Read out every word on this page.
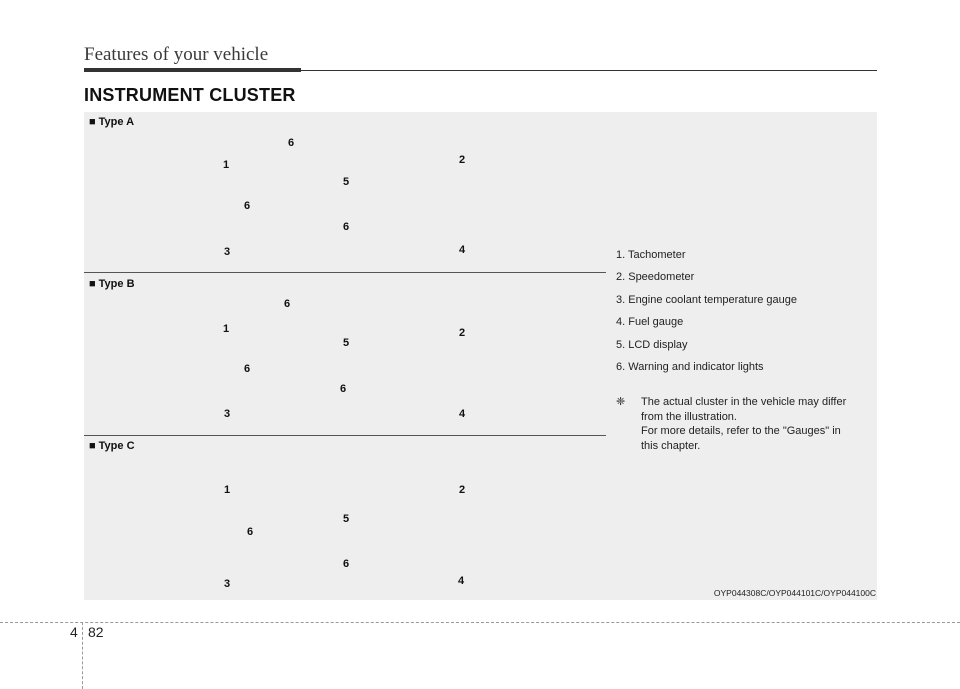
Features of your vehicle
INSTRUMENT CLUSTER
■ Type A
6
1	2
5
6
6
3	4
■ Type B
6
1	2
5
6
6
3	4
■ Type C
1	2
5
6
6
3	4
1. Tachometer
2. Speedometer
3. Engine coolant temperature gauge
4. Fuel gauge
5. LCD display
6. Warning and indicator lights
❈ The actual cluster in the vehicle may differ
from the illustration.
For more details, refer to the "Gauges" in
this chapter.
OYP044308C/OYP044101C/OYP044100C
4 82
